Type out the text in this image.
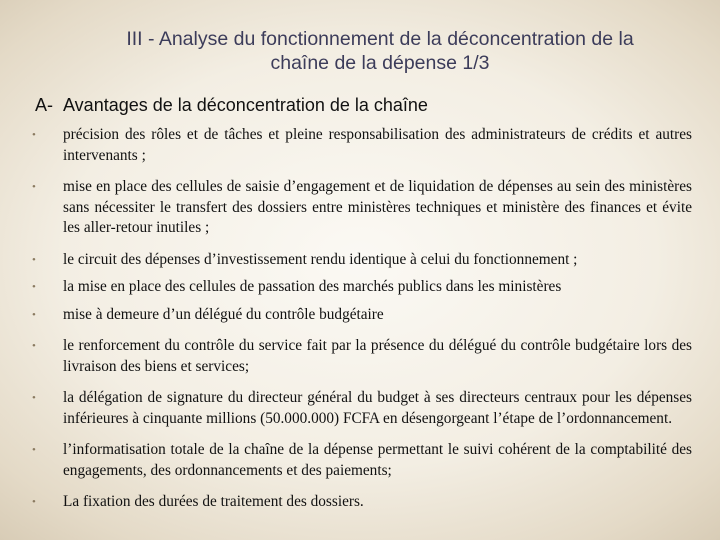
III - Analyse du fonctionnement de la déconcentration de la
chaîne de la dépense 1/3
A- Avantages de la déconcentration de la chaîne
• précision des rôles et de tâches et pleine responsabilisation des administrateurs de crédits et autres intervenants ;
• mise en place des cellules de saisie d’engagement et de liquidation de dépenses au sein des ministères sans nécessiter le transfert des dossiers entre ministères techniques et ministère des finances et évite les aller-retour inutiles ;
• le circuit des dépenses d’investissement rendu identique à celui du fonctionnement ;
• la mise en place des cellules de passation des marchés publics dans les ministères
• mise à demeure d’un délégué du contrôle budgétaire
• le renforcement du contrôle du service fait par la présence du délégué du contrôle budgétaire lors des livraison des biens et services;
• la délégation de signature du directeur général du budget à ses directeurs centraux pour les dépenses inférieures à cinquante millions (50.000.000) FCFA en désengorgeant l’étape de l’ordonnancement.
• l’informatisation totale de la chaîne de la dépense permettant le suivi cohérent de la comptabilité des engagements, des ordonnancements et des paiements;
• La fixation des durées de traitement des dossiers.
